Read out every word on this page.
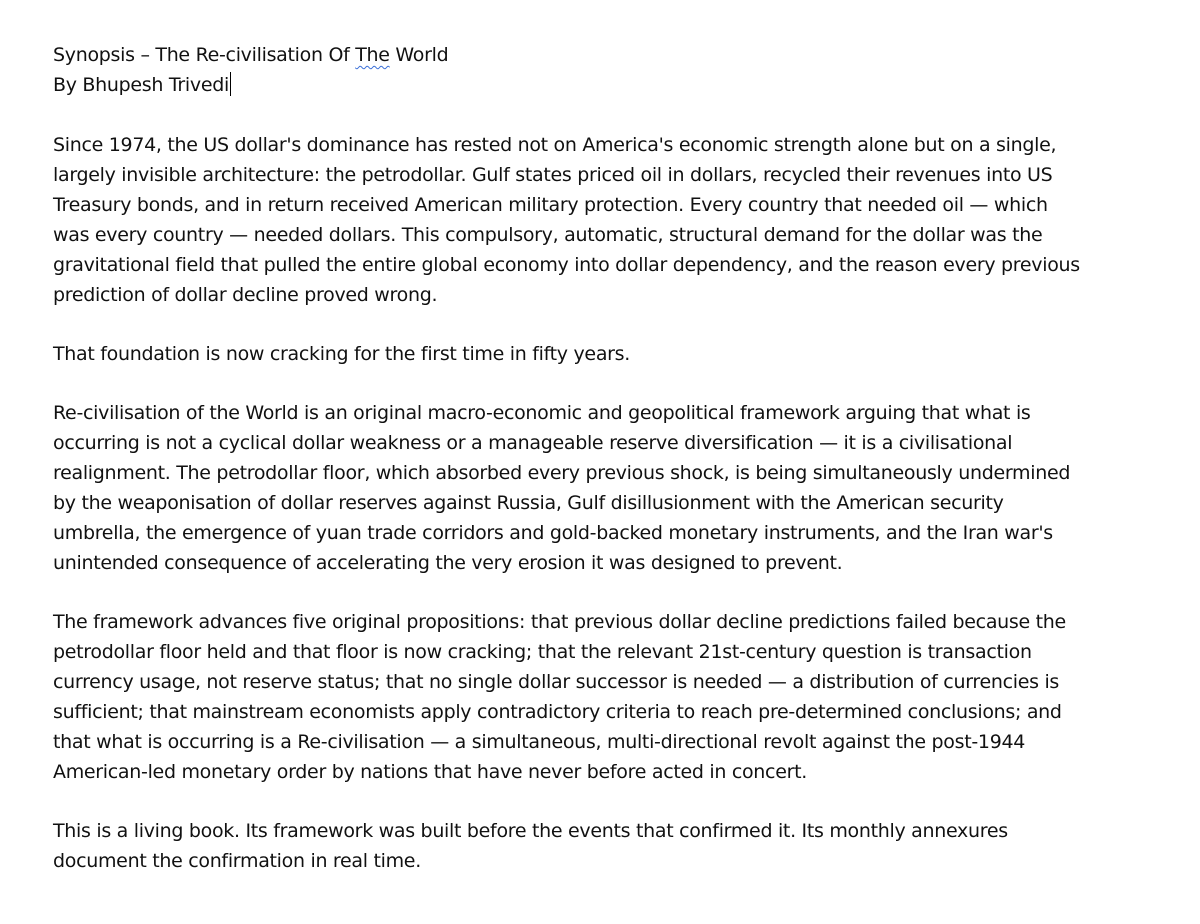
Synopsis – The Re-civilisation Of The World
By Bhupesh Trivedi
Since 1974, the US dollar's dominance has rested not on America's economic strength alone but on a single,
largely invisible architecture: the petrodollar. Gulf states priced oil in dollars, recycled their revenues into US
Treasury bonds, and in return received American military protection. Every country that needed oil — which
was every country — needed dollars. This compulsory, automatic, structural demand for the dollar was the
gravitational field that pulled the entire global economy into dollar dependency, and the reason every previous
prediction of dollar decline proved wrong.
That foundation is now cracking for the first time in fifty years.
Re-civilisation of the World is an original macro-economic and geopolitical framework arguing that what is
occurring is not a cyclical dollar weakness or a manageable reserve diversification — it is a civilisational
realignment. The petrodollar floor, which absorbed every previous shock, is being simultaneously undermined
by the weaponisation of dollar reserves against Russia, Gulf disillusionment with the American security
umbrella, the emergence of yuan trade corridors and gold-backed monetary instruments, and the Iran war's
unintended consequence of accelerating the very erosion it was designed to prevent.
The framework advances five original propositions: that previous dollar decline predictions failed because the
petrodollar floor held and that floor is now cracking; that the relevant 21st-century question is transaction
currency usage, not reserve status; that no single dollar successor is needed — a distribution of currencies is
sufficient; that mainstream economists apply contradictory criteria to reach pre-determined conclusions; and
that what is occurring is a Re-civilisation — a simultaneous, multi-directional revolt against the post-1944
American-led monetary order by nations that have never before acted in concert.
This is a living book. Its framework was built before the events that confirmed it. Its monthly annexures
document the confirmation in real time.
